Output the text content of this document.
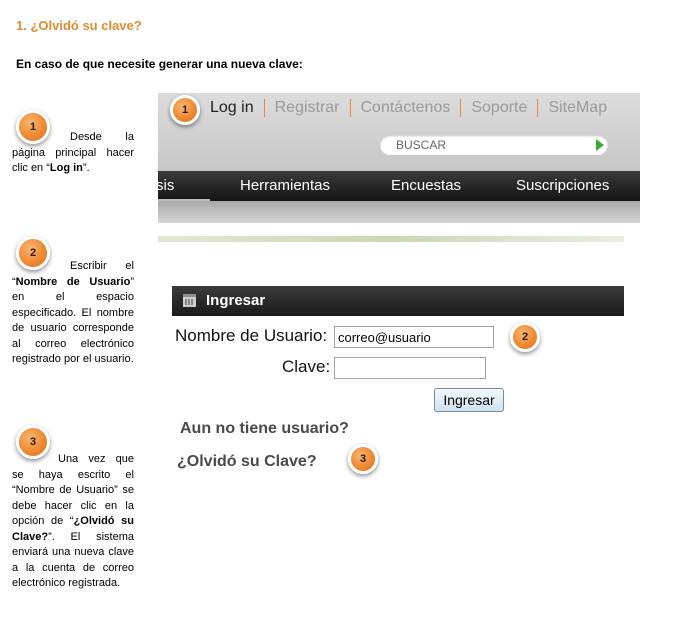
1. ¿Olvidó su clave?
En caso de que necesite generar una nueva clave:
1
Desde la página principal hacer clic en “Log in”.
2
Escribir el “Nombre de Usuario” en el espacio especificado. El nombre de usuario corresponde al correo electrónico registrado por el usuario.
3
Una vez que se haya escrito el “Nombre de Usuario” se debe hacer clic en la opción de “¿Olvidó su Clave?”. El sistema enviará una nueva clave a la cuenta de correo electrónico registrada.
1	Log in	Registrar	Contáctenos	Soporte	SiteMap
BUSCAR
sis	Herramientas	Encuestas	Suscripciones
Ingresar
Nombre de Usuario: correo@usuario	2
Clave:
Ingresar
Aun no tiene usuario?
¿Olvidó su Clave?	3
